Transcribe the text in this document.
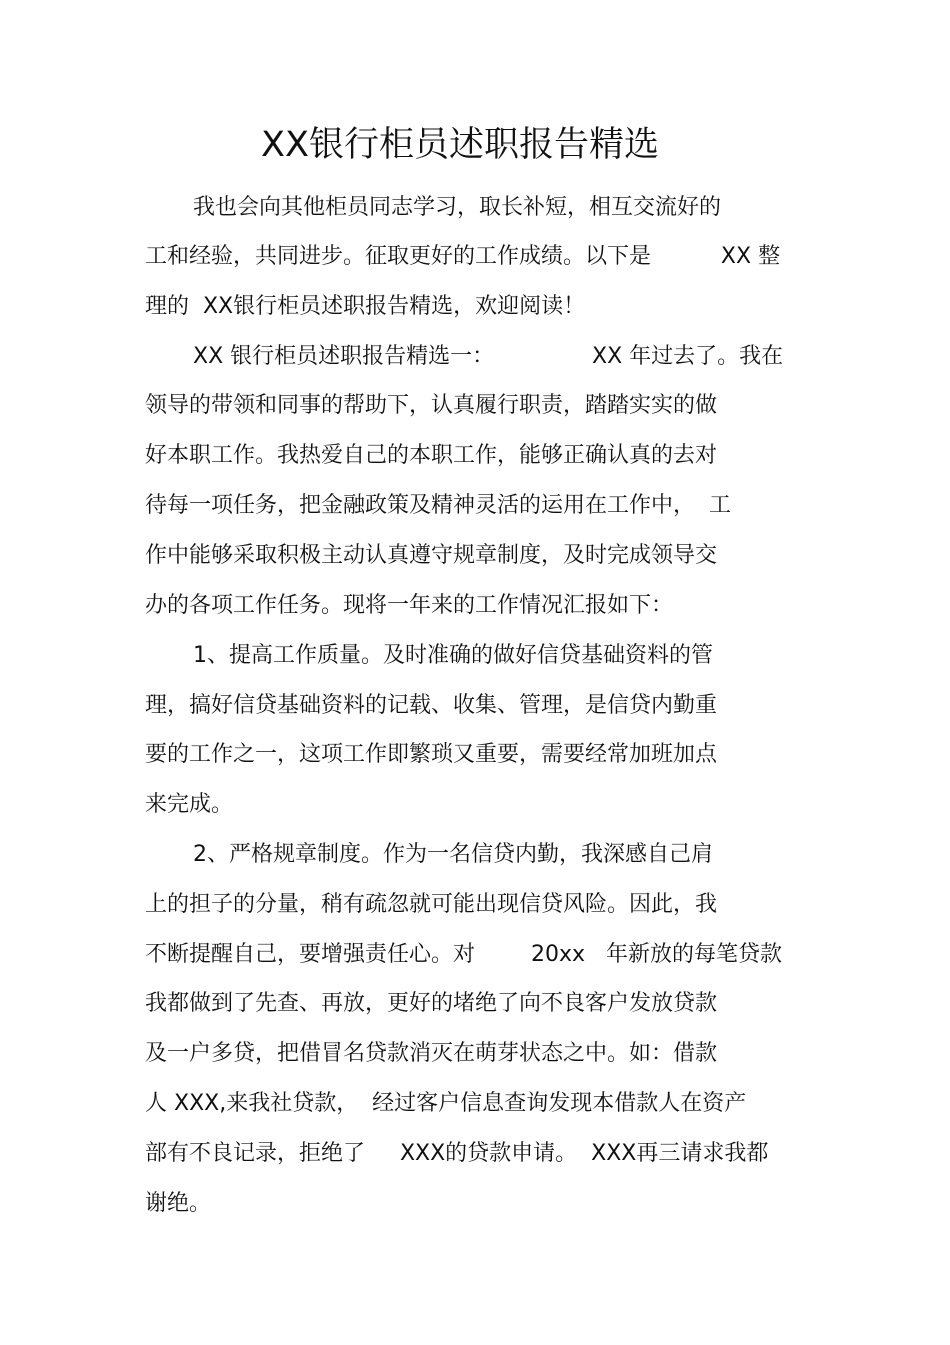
XX银行柜员述职报告精选
我也会向其他柜员同志学习，取长补短，相互交流好的
工和经验，共同进步。征取更好的工作成绩。以下是          XX 整
理的  XX银行柜员述职报告精选，欢迎阅读！
XX 银行柜员述职报告精选一：              XX 年过去了。我在
领导的带领和同事的帮助下，认真履行职责，踏踏实实的做
好本职工作。我热爱自己的本职工作，能够正确认真的去对
待每一项任务，把金融政策及精神灵活的运用在工作中，  工
作中能够采取积极主动认真遵守规章制度，及时完成领导交
办的各项工作任务。现将一年来的工作情况汇报如下：
1、提高工作质量。及时准确的做好信贷基础资料的管
理，搞好信贷基础资料的记载、收集、管理，是信贷内勤重
要的工作之一，这项工作即繁琐又重要，需要经常加班加点
来完成。
2、严格规章制度。作为一名信贷内勤，我深感自己肩
上的担子的分量，稍有疏忽就可能出现信贷风险。因此，我
不断提醒自己，要增强责任心。对        20xx   年新放的每笔贷款
我都做到了先查、再放，更好的堵绝了向不良客户发放贷款
及一户多贷，把借冒名贷款消灭在萌芽状态之中。如：借款
人 XXX,来我社贷款，  经过客户信息查询发现本借款人在资产
部有不良记录，拒绝了     XXX的贷款申请。  XXX再三请求我都
谢绝。
